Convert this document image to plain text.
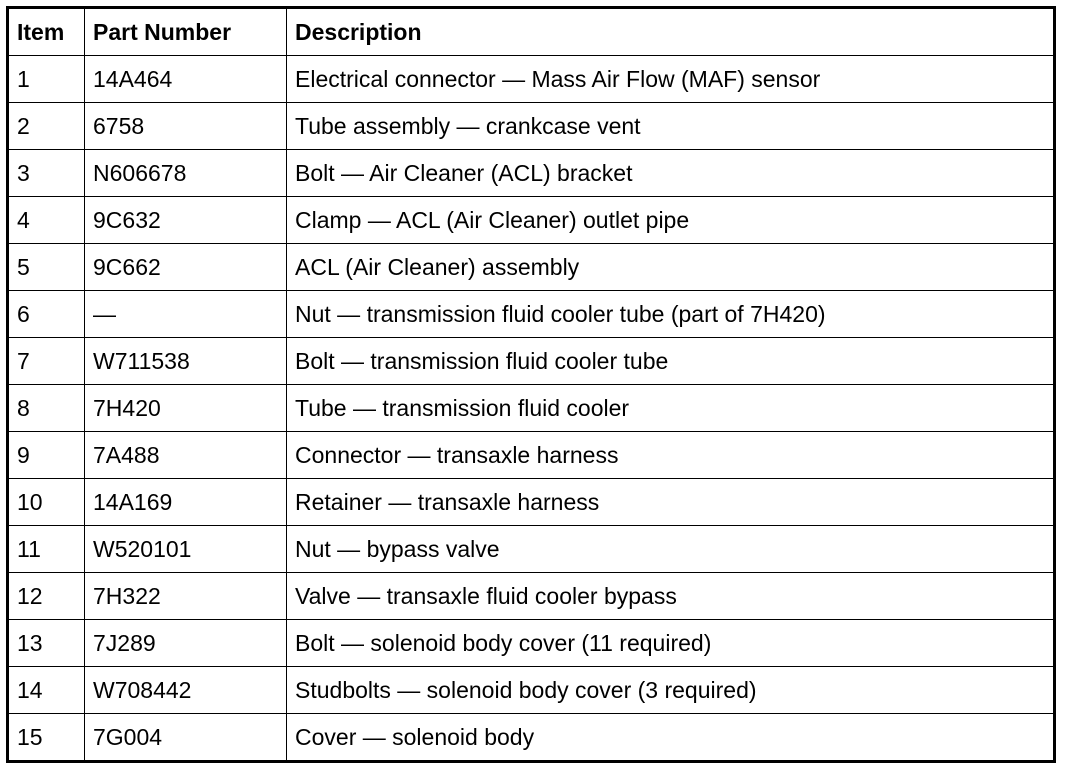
Item	Part Number	Description
1	14A464	Electrical connector — Mass Air Flow (MAF) sensor
2	6758	Tube assembly — crankcase vent
3	N606678	Bolt — Air Cleaner (ACL) bracket
4	9C632	Clamp — ACL (Air Cleaner) outlet pipe
5	9C662	ACL (Air Cleaner) assembly
6	—	Nut — transmission fluid cooler tube (part of 7H420)
7	W711538	Bolt — transmission fluid cooler tube
8	7H420	Tube — transmission fluid cooler
9	7A488	Connector — transaxle harness
10	14A169	Retainer — transaxle harness
11	W520101	Nut — bypass valve
12	7H322	Valve — transaxle fluid cooler bypass
13	7J289	Bolt — solenoid body cover (11 required)
14	W708442	Studbolts — solenoid body cover (3 required)
15	7G004	Cover — solenoid body
